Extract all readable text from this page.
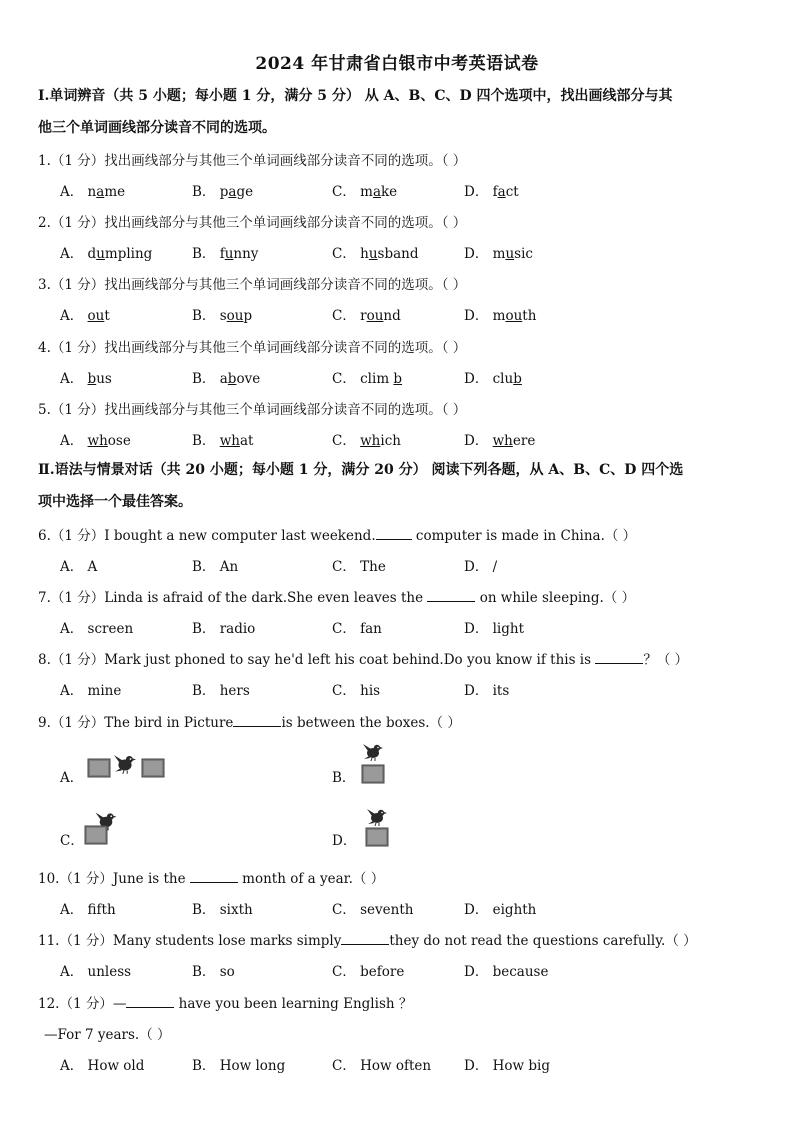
2024 年甘肃省白银市中考英语试卷
Ⅰ.单词辨音（共 5 小题；每小题 1 分，满分 5 分） 从 A、B、C、D 四个选项中，找出画线部分与其
他三个单词画线部分读音不同的选项。
1.（1 分）找出画线部分与其他三个单词画线部分读音不同的选项。（ ）
A． name	B． page	C． make	D． fact
2.（1 分）找出画线部分与其他三个单词画线部分读音不同的选项。（ ）
A． dumpling	B． funny	C． husband	D． music
3.（1 分）找出画线部分与其他三个单词画线部分读音不同的选项。（ ）
A． out	B． soup	C． round	D． mouth
4.（1 分）找出画线部分与其他三个单词画线部分读音不同的选项。（ ）
A． bus	B． above	C． clim b	D． club
5.（1 分）找出画线部分与其他三个单词画线部分读音不同的选项。（ ）
A． whose	B． what	C． which	D． where
Ⅱ.语法与情景对话（共 20 小题；每小题 1 分，满分 20 分） 阅读下列各题，从 A、B、C、D 四个选
项中选择一个最佳答案。
6.（1 分）I bought a new computer last weekend.	computer is made in China.（ ）
A． A	B． An	C． The	D． /
7.（1 分）Linda is afraid of the dark.She even leaves the	on while sleeping.（ ）
A． screen	B． radio	C． fan	D． light
8.（1 分）Mark just phoned to say he'd left his coat behind.Do you know if this is	？（ ）
A． mine	B． hers	C． his	D． its
9.（1 分）The bird in Picture	is between the boxes.（ ）
A．	B．
C．	D．
10.（1 分）June is the	month of a year.（ ）
A． fifth	B． sixth	C． seventh	D． eighth
11.（1 分）Many students lose marks simply	they do not read the questions carefully.（ ）
A． unless	B． so	C． before	D． because
12.（1 分）—	have you been learning English ？
—For 7 years.（ ）
A． How old	B． How long	C． How often D． How big
